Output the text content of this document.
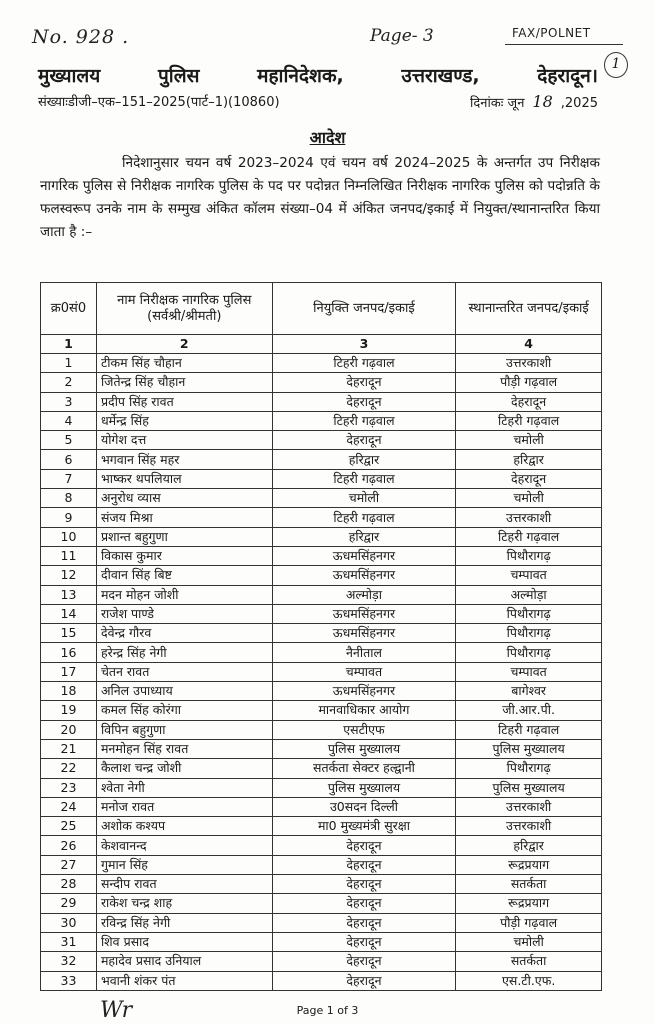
No. 928 .	Page- 3	FAX/POLNET
1
मुख्यालय	पुलिस	महानिदेशक,	उत्तराखण्ड,	देहरादून।
संख्याःडीजी–एक–151–2025(पार्ट–1)(10860)	दिनांकः जून 18 ,2025
आदेश
निदेशानुसार चयन वर्ष 2023–2024 एवं चयन वर्ष 2024–2025 के अन्तर्गत उप निरीक्षक नागरिक पुलिस से निरीक्षक नागरिक पुलिस के पद पर पदोन्नत निम्नलिखित निरीक्षक नागरिक पुलिस को पदोन्नति के फलस्वरूप उनके नाम के सम्मुख अंकित कॉलम संख्या–04 में अंकित जनपद/इकाई में नियुक्त/स्थानान्तरित किया जाता है :–
क्र0सं0	नाम निरीक्षक नागरिक पुलिस (सर्वश्री/श्रीमती)	नियुक्ति जनपद/इकाई	स्थानान्तरित जनपद/इकाई
1	2	3	4
1	टीकम सिंह चौहान	टिहरी गढ़वाल	उत्तरकाशी
2	जितेन्द्र सिंह चौहान	देहरादून	पौड़ी गढ़वाल
3	प्रदीप सिंह रावत	देहरादून	देहरादून
4	धर्मेन्द्र सिंह	टिहरी गढ़वाल	टिहरी गढ़वाल
5	योगेश दत्त	देहरादून	चमोली
6	भगवान सिंह महर	हरिद्वार	हरिद्वार
7	भाष्कर थपलियाल	टिहरी गढ़वाल	देहरादून
8	अनुरोध व्यास	चमोली	चमोली
9	संजय मिश्रा	टिहरी गढ़वाल	उत्तरकाशी
10	प्रशान्त बहुगुणा	हरिद्वार	टिहरी गढ़वाल
11	विकास कुमार	ऊधमसिंहनगर	पिथौरागढ़
12	दीवान सिंह बिष्ट	ऊधमसिंहनगर	चम्पावत
13	मदन मोहन जोशी	अल्मोड़ा	अल्मोड़ा
14	राजेश पाण्डे	ऊधमसिंहनगर	पिथौरागढ़
15	देवेन्द्र गौरव	ऊधमसिंहनगर	पिथौरागढ़
16	हरेन्द्र सिंह नेगी	नैनीताल	पिथौरागढ़
17	चेतन रावत	चम्पावत	चम्पावत
18	अनिल उपाध्याय	ऊधमसिंहनगर	बागेश्वर
19	कमल सिंह कोरंगा	मानवाधिकार आयोग	जी.आर.पी.
20	विपिन बहुगुणा	एसटीएफ	टिहरी गढ़वाल
21	मनमोहन सिंह रावत	पुलिस मुख्यालय	पुलिस मुख्यालय
22	कैलाश चन्द्र जोशी	सतर्कता सेक्टर हल्द्वानी	पिथौरागढ़
23	श्वेता नेगी	पुलिस मुख्यालय	पुलिस मुख्यालय
24	मनोज रावत	उ0सदन दिल्ली	उत्तरकाशी
25	अशोक कश्यप	मा0 मुख्यमंत्री सुरक्षा	उत्तरकाशी
26	केशवानन्द	देहरादून	हरिद्वार
27	गुमान सिंह	देहरादून	रूद्रप्रयाग
28	सन्दीप रावत	देहरादून	सतर्कता
29	राकेश चन्द्र शाह	देहरादून	रूद्रप्रयाग
30	रविन्द्र सिंह नेगी	देहरादून	पौड़ी गढ़वाल
31	शिव प्रसाद	देहरादून	चमोली
32	महादेव प्रसाद उनियाल	देहरादून	सतर्कता
33	भवानी शंकर पंत	देहरादून	एस.टी.एफ.
Wr	Page 1 of 3
